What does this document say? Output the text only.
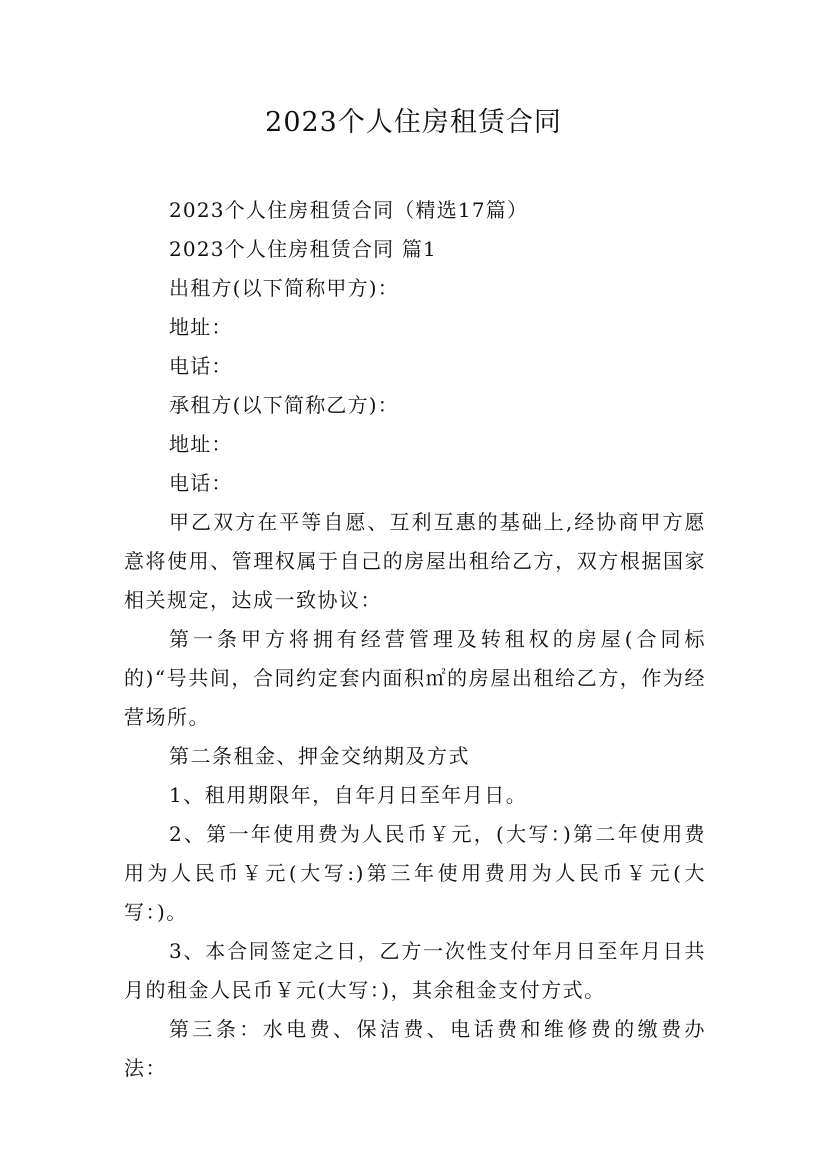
2023个人住房租赁合同

2023个人住房租赁合同（精选17篇）

2023个人住房租赁合同 篇1

出租方(以下简称甲方)：

地址：

电话：

承租方(以下简称乙方)：

地址：

电话：

甲乙双方在平等自愿、互利互惠的基础上,经协商甲方愿意将使用、管理权属于自己的房屋出租给乙方，双方根据国家相关规定，达成一致协议：

第一条甲方将拥有经营管理及转租权的房屋(合同标的)“号共间，合同约定套内面积㎡的房屋出租给乙方，作为经营场所。

第二条租金、押金交纳期及方式

1、租用期限年，自年月日至年月日。

2、第一年使用费为人民币￥元，(大写：)第二年使用费用为人民币￥元(大写:)第三年使用费用为人民币￥元(大写：)。

3、本合同签定之日，乙方一次性支付年月日至年月日共月的租金人民币￥元(大写：)，其余租金支付方式。

第三条：水电费、保洁费、电话费和维修费的缴费办法：
